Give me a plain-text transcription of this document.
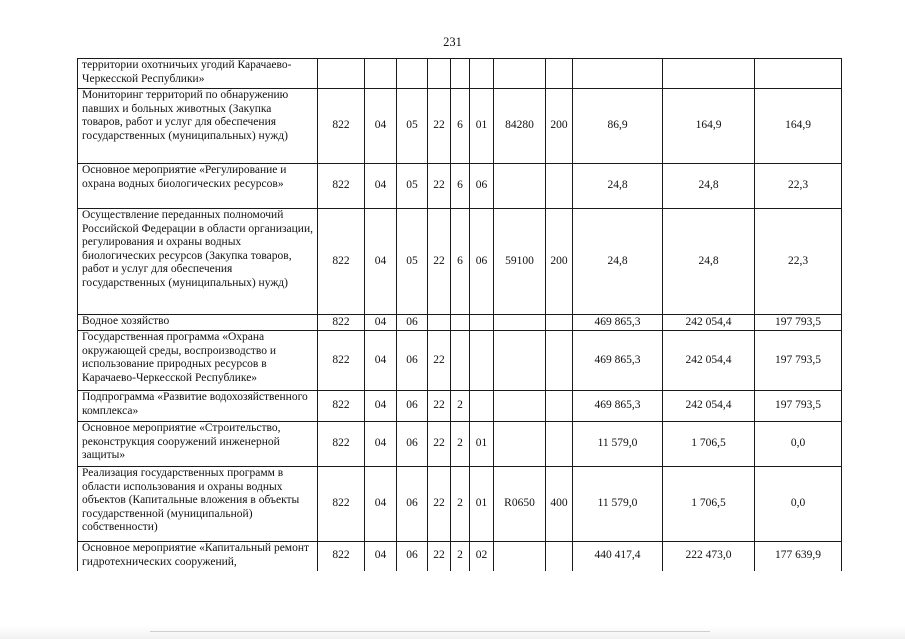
231
территории охотничьих угодий Карачаево-Черкесской Республики»											
Мониторинг территорий по обнаружению павших и больных животных (Закупка товаров, работ и услуг для обеспечения государственных (муниципальных) нужд)	822	04	05	22	6	01	84280	200	86,9	164,9	164,9
Основное мероприятие «Регулирование и охрана водных биологических ресурсов»	822	04	05	22	6	06			24,8	24,8	22,3
Осуществление переданных полномочий Российской Федерации в области организации, регулирования и охраны водных биологических ресурсов (Закупка товаров, работ и услуг для обеспечения государственных (муниципальных) нужд)	822	04	05	22	6	06	59100	200	24,8	24,8	22,3
Водное хозяйство	822	04	06						469 865,3	242 054,4	197 793,5
Государственная программа «Охрана окружающей среды, воспроизводство и использование природных ресурсов в Карачаево-Черкесской Республике»	822	04	06	22					469 865,3	242 054,4	197 793,5
Подпрограмма «Развитие водохозяйственного комплекса»	822	04	06	22	2				469 865,3	242 054,4	197 793,5
Основное мероприятие «Строительство, реконструкция сооружений инженерной защиты»	822	04	06	22	2	01			11 579,0	1 706,5	0,0
Реализация государственных программ в области использования и охраны водных объектов (Капитальные вложения в объекты государственной (муниципальной) собственности)	822	04	06	22	2	01	R0650	400	11 579,0	1 706,5	0,0
Основное мероприятие «Капитальный ремонт гидротехнических сооружений,	822	04	06	22	2	02			440 417,4	222 473,0	177 639,9
